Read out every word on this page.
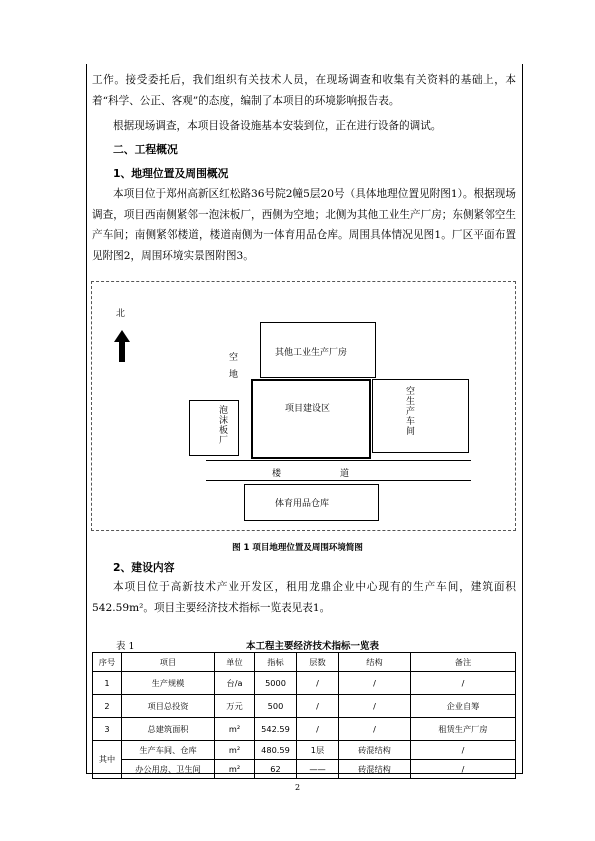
工作。接受委托后，我们组织有关技术人员，在现场调查和收集有关资料的基础上，本着“科学、公正、客观”的态度，编制了本项目的环境影响报告表。

根据现场调查，本项目设备设施基本安装到位，正在进行设备的调试。

二、工程概况
1、地理位置及周围概况

本项目位于郑州高新区红松路36号院2幢5层20号（具体地理位置见附图1）。根据现场调查，项目西南侧紧邻一泡沫板厂，西侧为空地；北侧为其他工业生产厂房；东侧紧邻空生产车间；南侧紧邻楼道，楼道南侧为一体育用品仓库。周围具体情况见图1。厂区平面布置见附图2，周围环境实景图附图3。

北
空地	其他工业生产厂房
项目建设区
泡沫板厂	空生产车间
楼	道
体育用品仓库
图 1 项目地理位置及周围环境简图
2、建设内容

本项目位于高新技术产业开发区，租用龙鼎企业中心现有的生产车间，建筑面积542.59m²。项目主要经济技术指标一览表见表1。

表 1	本工程主要经济技术指标一览表
序号	项目	单位	指标	层数	结构	备注
1	生产规模	台/a	5000	/	/	/
2	项目总投资	万元	500	/	/	企业自筹
3	总建筑面积	m²	542.59	/	/	租赁生产厂房
其中	生产车间、仓库	m²	480.59	1层	砖混结构	/
	办公用房、卫生间	m²	62	——	砖混结构	/
2
